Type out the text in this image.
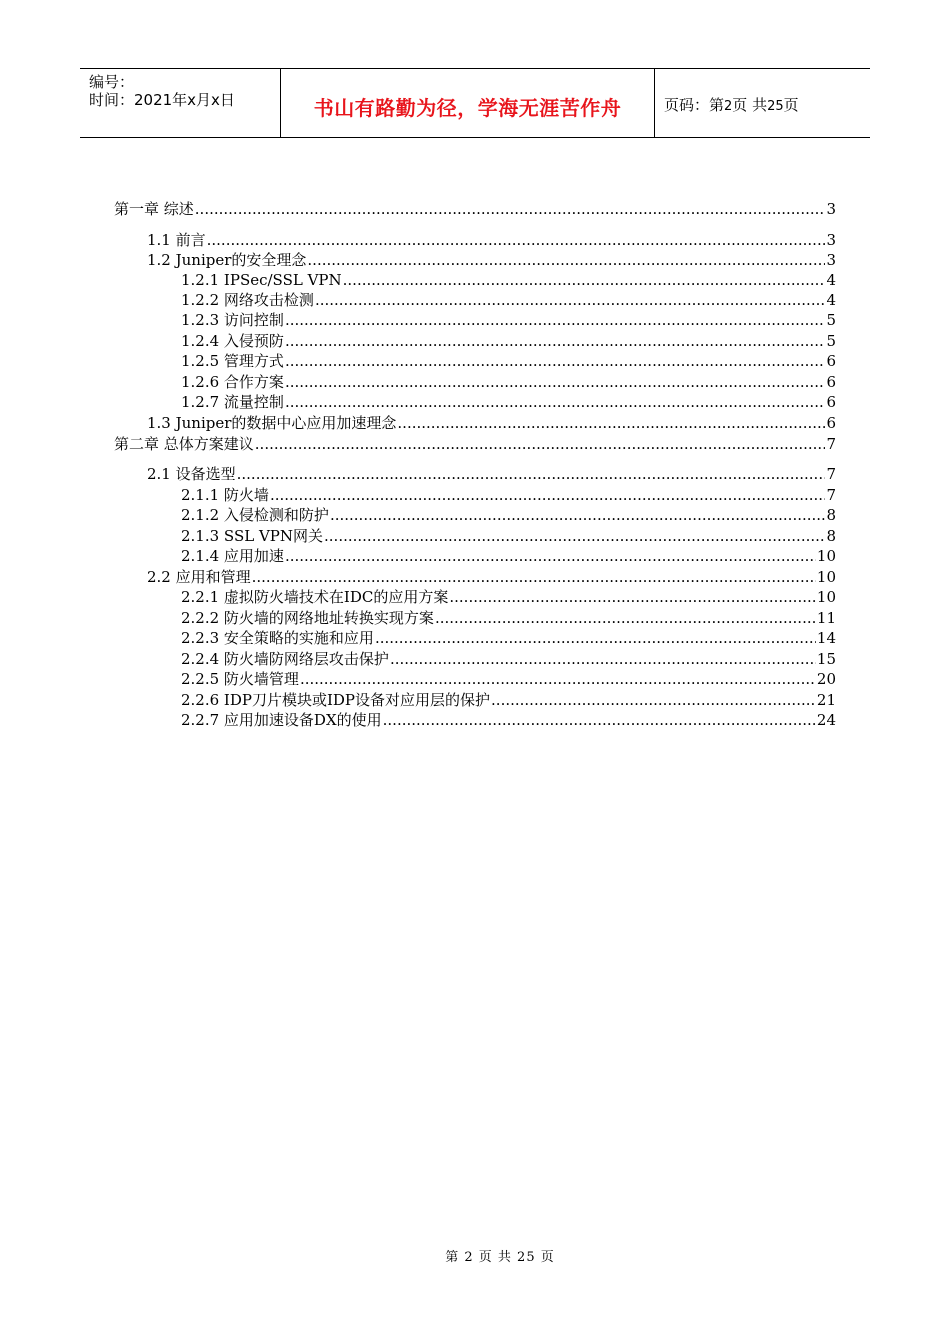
编号：
时间：2021年x月x日	书山有路勤为径，学海无涯苦作舟	页码：第2页 共25页
第一章 综述 .....	3
1.1 前言 .....	3
1.2 Juniper的安全理念 .....	3
1.2.1 IPSec/SSL VPN .....	4
1.2.2 网络攻击检测 .....	4
1.2.3 访问控制 .....	5
1.2.4 入侵预防 .....	5
1.2.5 管理方式 .....	6
1.2.6 合作方案 .....	6
1.2.7 流量控制 .....	6
1.3 Juniper的数据中心应用加速理念 .....	6
第二章 总体方案建议 .....	7
2.1 设备选型 .....	7
2.1.1 防火墙 .....	7
2.1.2 入侵检测和防护 .....	8
2.1.3 SSL VPN网关 .....	8
2.1.4 应用加速 .....	10
2.2 应用和管理 .....	10
2.2.1 虚拟防火墙技术在IDC的应用方案 .....	10
2.2.2 防火墙的网络地址转换实现方案 .....	11
2.2.3 安全策略的实施和应用 .....	14
2.2.4 防火墙防网络层攻击保护 .....	15
2.2.5 防火墙管理 .....	20
2.2.6 IDP刀片模块或IDP设备对应用层的保护 .....	21
2.2.7 应用加速设备DX的使用 .....	24
第 2 页 共 25 页
